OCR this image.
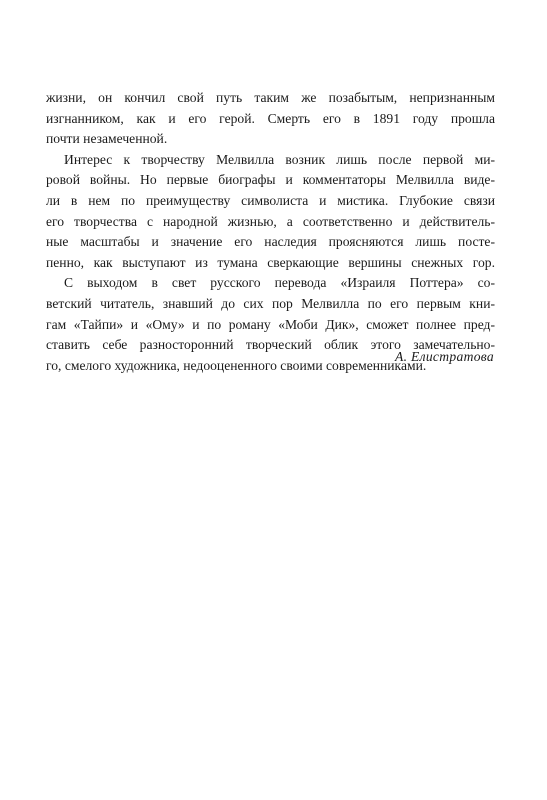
жизни, он кончил свой путь таким же позабытым, непризнанным
изгнанником, как и его герой. Смерть его в 1891 году прошла
почти незамеченной.
Интерес к творчеству Мелвилла возник лишь после первой ми-
ровой войны. Но первые биографы и комментаторы Мелвилла виде-
ли в нем по преимуществу символиста и мистика. Глубокие связи
его творчества с народной жизнью, а соответственно и действитель-
ные масштабы и значение его наследия проясняются лишь посте-
пенно, как выступают из тумана сверкающие вершины снежных гор.
С выходом в свет русского перевода «Израиля Поттера» со-
ветский читатель, знавший до сих пор Мелвилла по его первым кни-
гам «Тайпи» и «Ому» и по роману «Моби Дик», сможет полнее пред-
ставить себе разносторонний творческий облик этого замечательно-
го, смелого художника, недооцененного своими современниками.
А. Елистратова
